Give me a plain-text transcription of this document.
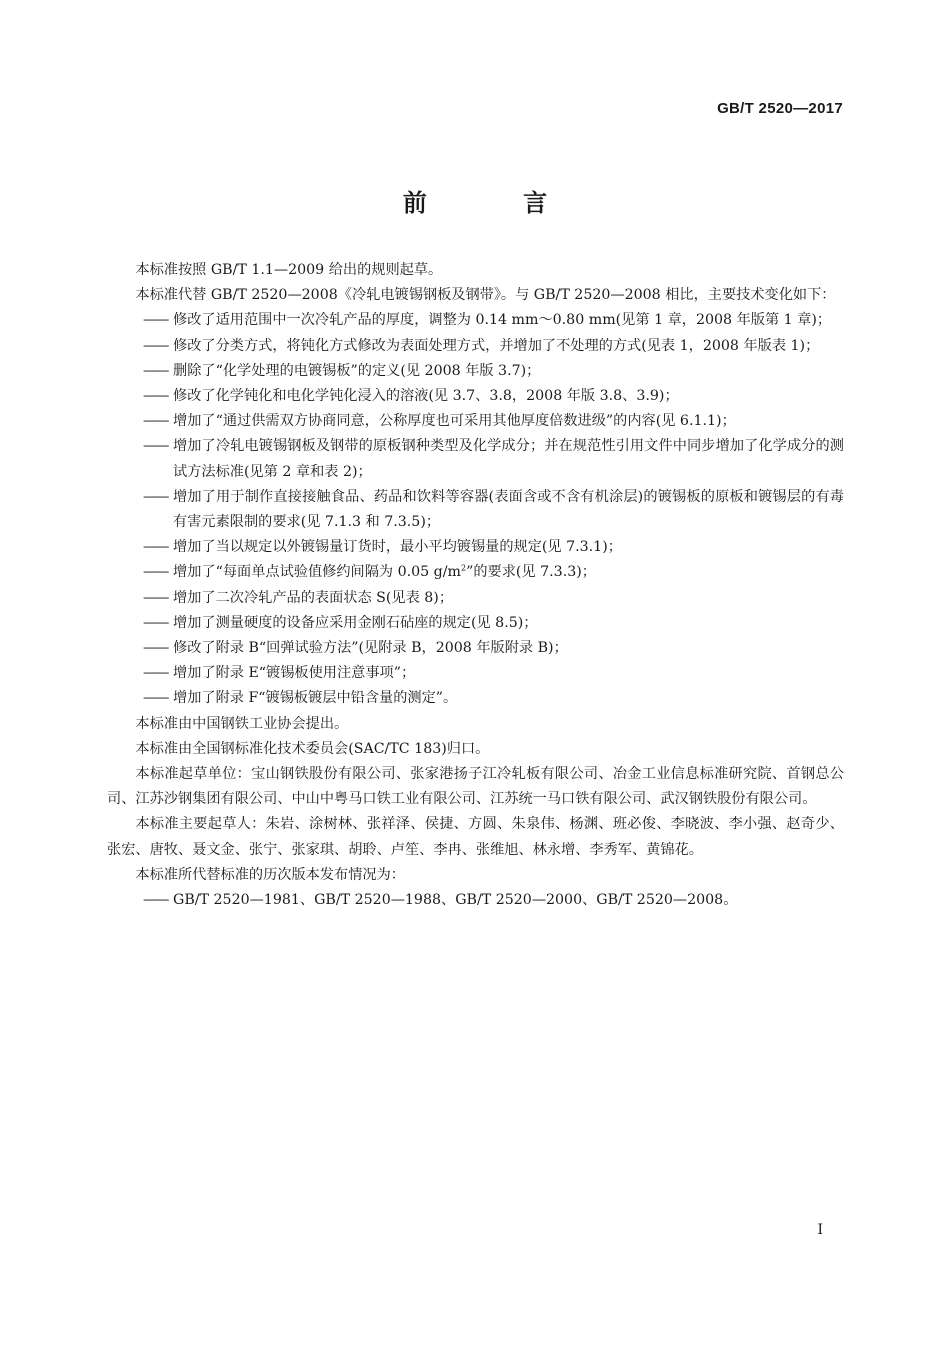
GB/T 2520—2017
前 言

本标准按照 GB/T 1.1—2009 给出的规则起草。

本标准代替 GB/T 2520—2008《冷轧电镀锡钢板及钢带》。与 GB/T 2520—2008 相比，主要技术变化如下：

—— 修改了适用范围中一次冷轧产品的厚度，调整为 0.14 mm～0.80 mm(见第 1 章，2008 年版第 1 章)；

—— 修改了分类方式，将钝化方式修改为表面处理方式，并增加了不处理的方式(见表 1，2008 年版表 1)；

—— 删除了“化学处理的电镀锡板”的定义(见 2008 年版 3.7)；

—— 修改了化学钝化和电化学钝化浸入的溶液(见 3.7、3.8，2008 年版 3.8、3.9)；

—— 增加了“通过供需双方协商同意，公称厚度也可采用其他厚度倍数进级”的内容(见 6.1.1)；

—— 增加了冷轧电镀锡钢板及钢带的原板钢种类型及化学成分；并在规范性引用文件中同步增加了化学成分的测试方法标准(见第 2 章和表 2)；

—— 增加了用于制作直接接触食品、药品和饮料等容器(表面含或不含有机涂层)的镀锡板的原板和镀锡层的有毒有害元素限制的要求(见 7.1.3 和 7.3.5)；

—— 增加了当以规定以外镀锡量订货时，最小平均镀锡量的规定(见 7.3.1)；

—— 增加了“每面单点试验值修约间隔为 0.05 $g/m^2$”的要求(见 7.3.3)；

—— 增加了二次冷轧产品的表面状态 S(见表 8)；

—— 增加了测量硬度的设备应采用金刚石砧座的规定(见 8.5)；

—— 修改了附录 B“回弹试验方法”(见附录 B，2008 年版附录 B)；

—— 增加了附录 E“镀锡板使用注意事项”；

—— 增加了附录 F“镀锡板镀层中铅含量的测定”。

本标准由中国钢铁工业协会提出。

本标准由全国钢标准化技术委员会(SAC/TC 183)归口。

本标准起草单位：宝山钢铁股份有限公司、张家港扬子江冷轧板有限公司、冶金工业信息标准研究院、首钢总公司、江苏沙钢集团有限公司、中山中粤马口铁工业有限公司、江苏统一马口铁有限公司、武汉钢铁股份有限公司。

本标准主要起草人：朱岩、涂树林、张祥泽、侯捷、方圆、朱泉伟、杨渊、班必俊、李晓波、李小强、赵奇少、张宏、唐牧、聂文金、张宁、张家琪、胡聆、卢笙、李冉、张维旭、林永增、李秀军、黄锦花。

本标准所代替标准的历次版本发布情况为：

—— GB/T 2520—1981、GB/T 2520—1988、GB/T 2520—2000、GB/T 2520—2008。

I
